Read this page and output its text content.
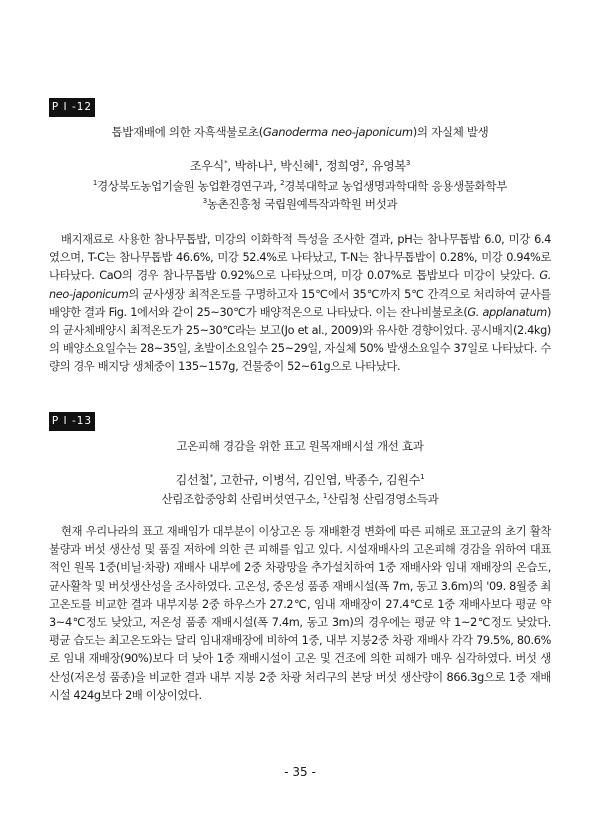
P I -12
톱밥재배에 의한 자흑색불로초(Ganoderma neo-japonicum)의 자실체 발생
조우식*, 박하나$^1$, 박신혜$^1$, 정희영$^2$, 유영복$^3$
$^1$경상북도농업기술원 농업환경연구과, $^2$경북대학교 농업생명과학대학 응용생물화학부
$^3$농촌진흥청 국립원예특작과학원 버섯과

배지재료로 사용한 참나무톱밥, 미강의 이화학적 특성을 조사한 결과, pH는 참나무톱밥 6.0, 미강 6.4 였으며, T-C는 참나무톱밥 46.6%, 미강 52.4%로 나타났고, T-N는 참나무톱밥이 0.28%, 미강 0.94%로 나타났다. CaO의 경우 참나무톱밥 0.92%으로 나타났으며, 미강 0.07%로 톱밥보다 미강이 낮았다. G. neo-japonicum의 균사생장 최적온도를 구명하고자 15℃에서 35℃까지 5℃ 간격으로 처리하여 균사를 배양한 결과 Fig. 1에서와 같이 25~30℃가 배양적온으로 나타났다. 이는 잔나비불로초(G. applanatum)의 균사체배양시 최적온도가 25~30℃라는 보고(Jo et al., 2009)와 유사한 경향이었다. 공시배지(2.4kg)의 배양소요일수는 28~35일, 초발이소요일수 25~29일, 자실체 50% 발생소요일수 37일로 나타났다. 수량의 경우 배지당 생체중이 135~157g, 건물중이 52~61g으로 나타났다.

P I -13
고온피해 경감을 위한 표고 원목재배시설 개선 효과
김선철*, 고한규, 이병석, 김인엽, 박종수, 김원수$^1$
산림조합중앙회 산림버섯연구소, $^1$산림청 산림경영소득과

현재 우리나라의 표고 재배임가 대부분이 이상고온 등 재배환경 변화에 따른 피해로 표고균의 초기 활착불량과 버섯 생산성 및 품질 저하에 의한 큰 피해를 입고 있다. 시설재배사의 고온피해 경감을 위하여 대표적인 원목 1중(비닐·차광) 재배사 내부에 2중 차광망을 추가설치하여 1중 재배사와 임내 재배장의 온습도, 균사활착 및 버섯생산성을 조사하였다. 고온성, 중온성 품종 재배시설(폭 7m, 동고 3.6m)의 '09. 8월중 최고온도를 비교한 결과 내부지붕 2중 하우스가 27.2℃, 임내 재배장이 27.4℃로 1중 재배사보다 평균 약 3~4℃정도 낮았고, 저온성 품종 재배시설(폭 7.4m, 동고 3m)의 경우에는 평균 약 1~2℃정도 낮았다. 평균 습도는 최고온도와는 달리 임내재배장에 비하여 1중, 내부 지붕2중 차광 재배사 각각 79.5%, 80.6%로 임내 재배장(90%)보다 더 낮아 1중 재배시설이 고온 및 건조에 의한 피해가 매우 심각하였다. 버섯 생산성(저온성 품종)을 비교한 결과 내부 지붕 2중 차광 처리구의 본당 버섯 생산량이 866.3g으로 1중 재배시설 424g보다 2배 이상이었다.

- 35 -
